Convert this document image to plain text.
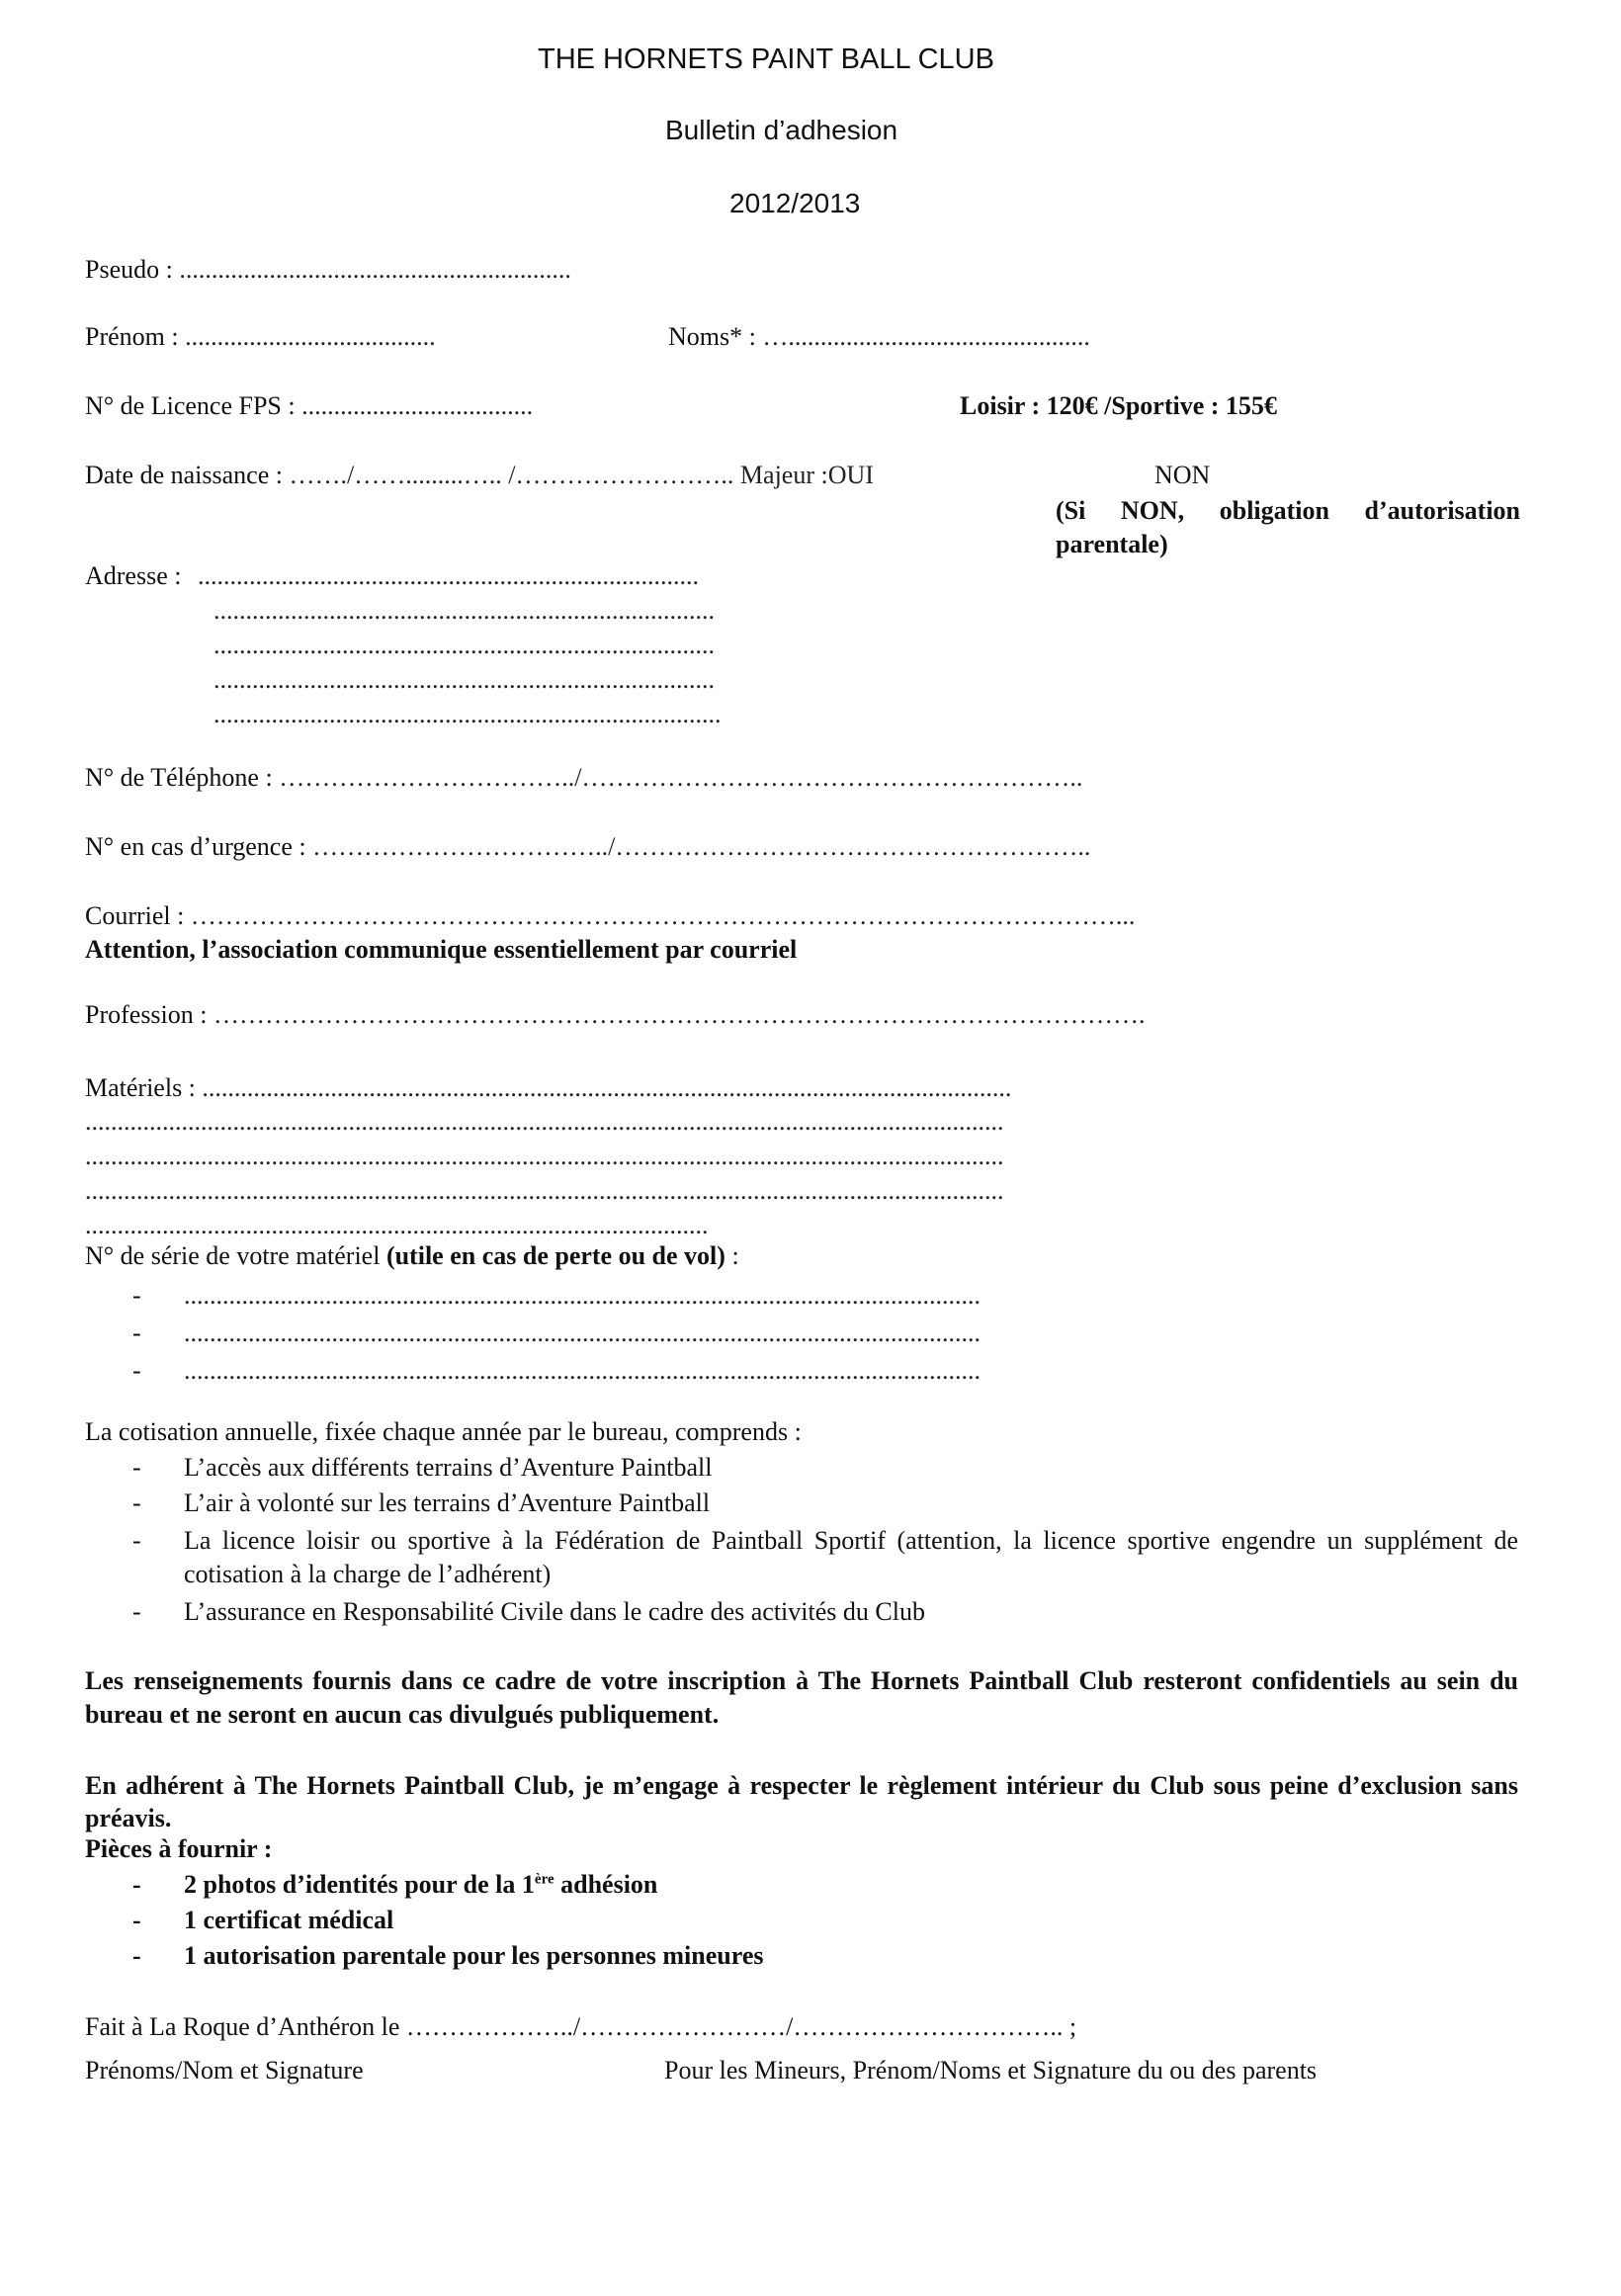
THE HORNETS PAINT BALL CLUB
Bulletin d’adhesion
2012/2013
Pseudo : .............................................................
Prénom : .......................................	Noms* : …...............................................
N° de Licence FPS : ....................................	Loisir : 120€ /Sportive : 155€
Date de naissance : ……./…….........….. /…………………….. Majeur :OUI	NON
(Si NON, obligation d’autorisation
parentale)
Adresse : ..............................................................................
..............................................................................
..............................................................................
..............................................................................
...............................................................................
N° de Téléphone : ……………………………../…………………………………………………..
N° en cas d’urgence : ……………………………../………………………………………………..
Courriel : ………………………………………………………………………………………………...
Attention, l’association communique essentiellement par courriel
Profession : ……………………………………………………………………………………………….
Matériels : ..............................................................................................................................
...............................................................................................................................................
...............................................................................................................................................
...............................................................................................................................................
.................................................................................................
N° de série de votre matériel (utile en cas de perte ou de vol) :
- ............................................................................................................................
- ............................................................................................................................
- ............................................................................................................................
La cotisation annuelle, fixée chaque année par le bureau, comprends :
- L’accès aux différents terrains d’Aventure Paintball
- L’air à volonté sur les terrains d’Aventure Paintball
- La licence loisir ou sportive à la Fédération de Paintball Sportif (attention, la licence sportive engendre un supplément de cotisation à la charge de l’adhérent)
- L’assurance en Responsabilité Civile dans le cadre des activités du Club
Les renseignements fournis dans ce cadre de votre inscription à The Hornets Paintball Club resteront confidentiels au sein du bureau et ne seront en aucun cas divulgués publiquement.
En adhérent à The Hornets Paintball Club, je m’engage à respecter le règlement intérieur du Club sous peine d’exclusion sans préavis.
Pièces à fournir :
- 2 photos d’identités pour de la 1ère adhésion
- 1 certificat médical
- 1 autorisation parentale pour les personnes mineures
Fait à La Roque d’Anthéron le ………………../……………………/………………………….. ;
Prénoms/Nom et Signature	Pour les Mineurs, Prénom/Noms et Signature du ou des parents
